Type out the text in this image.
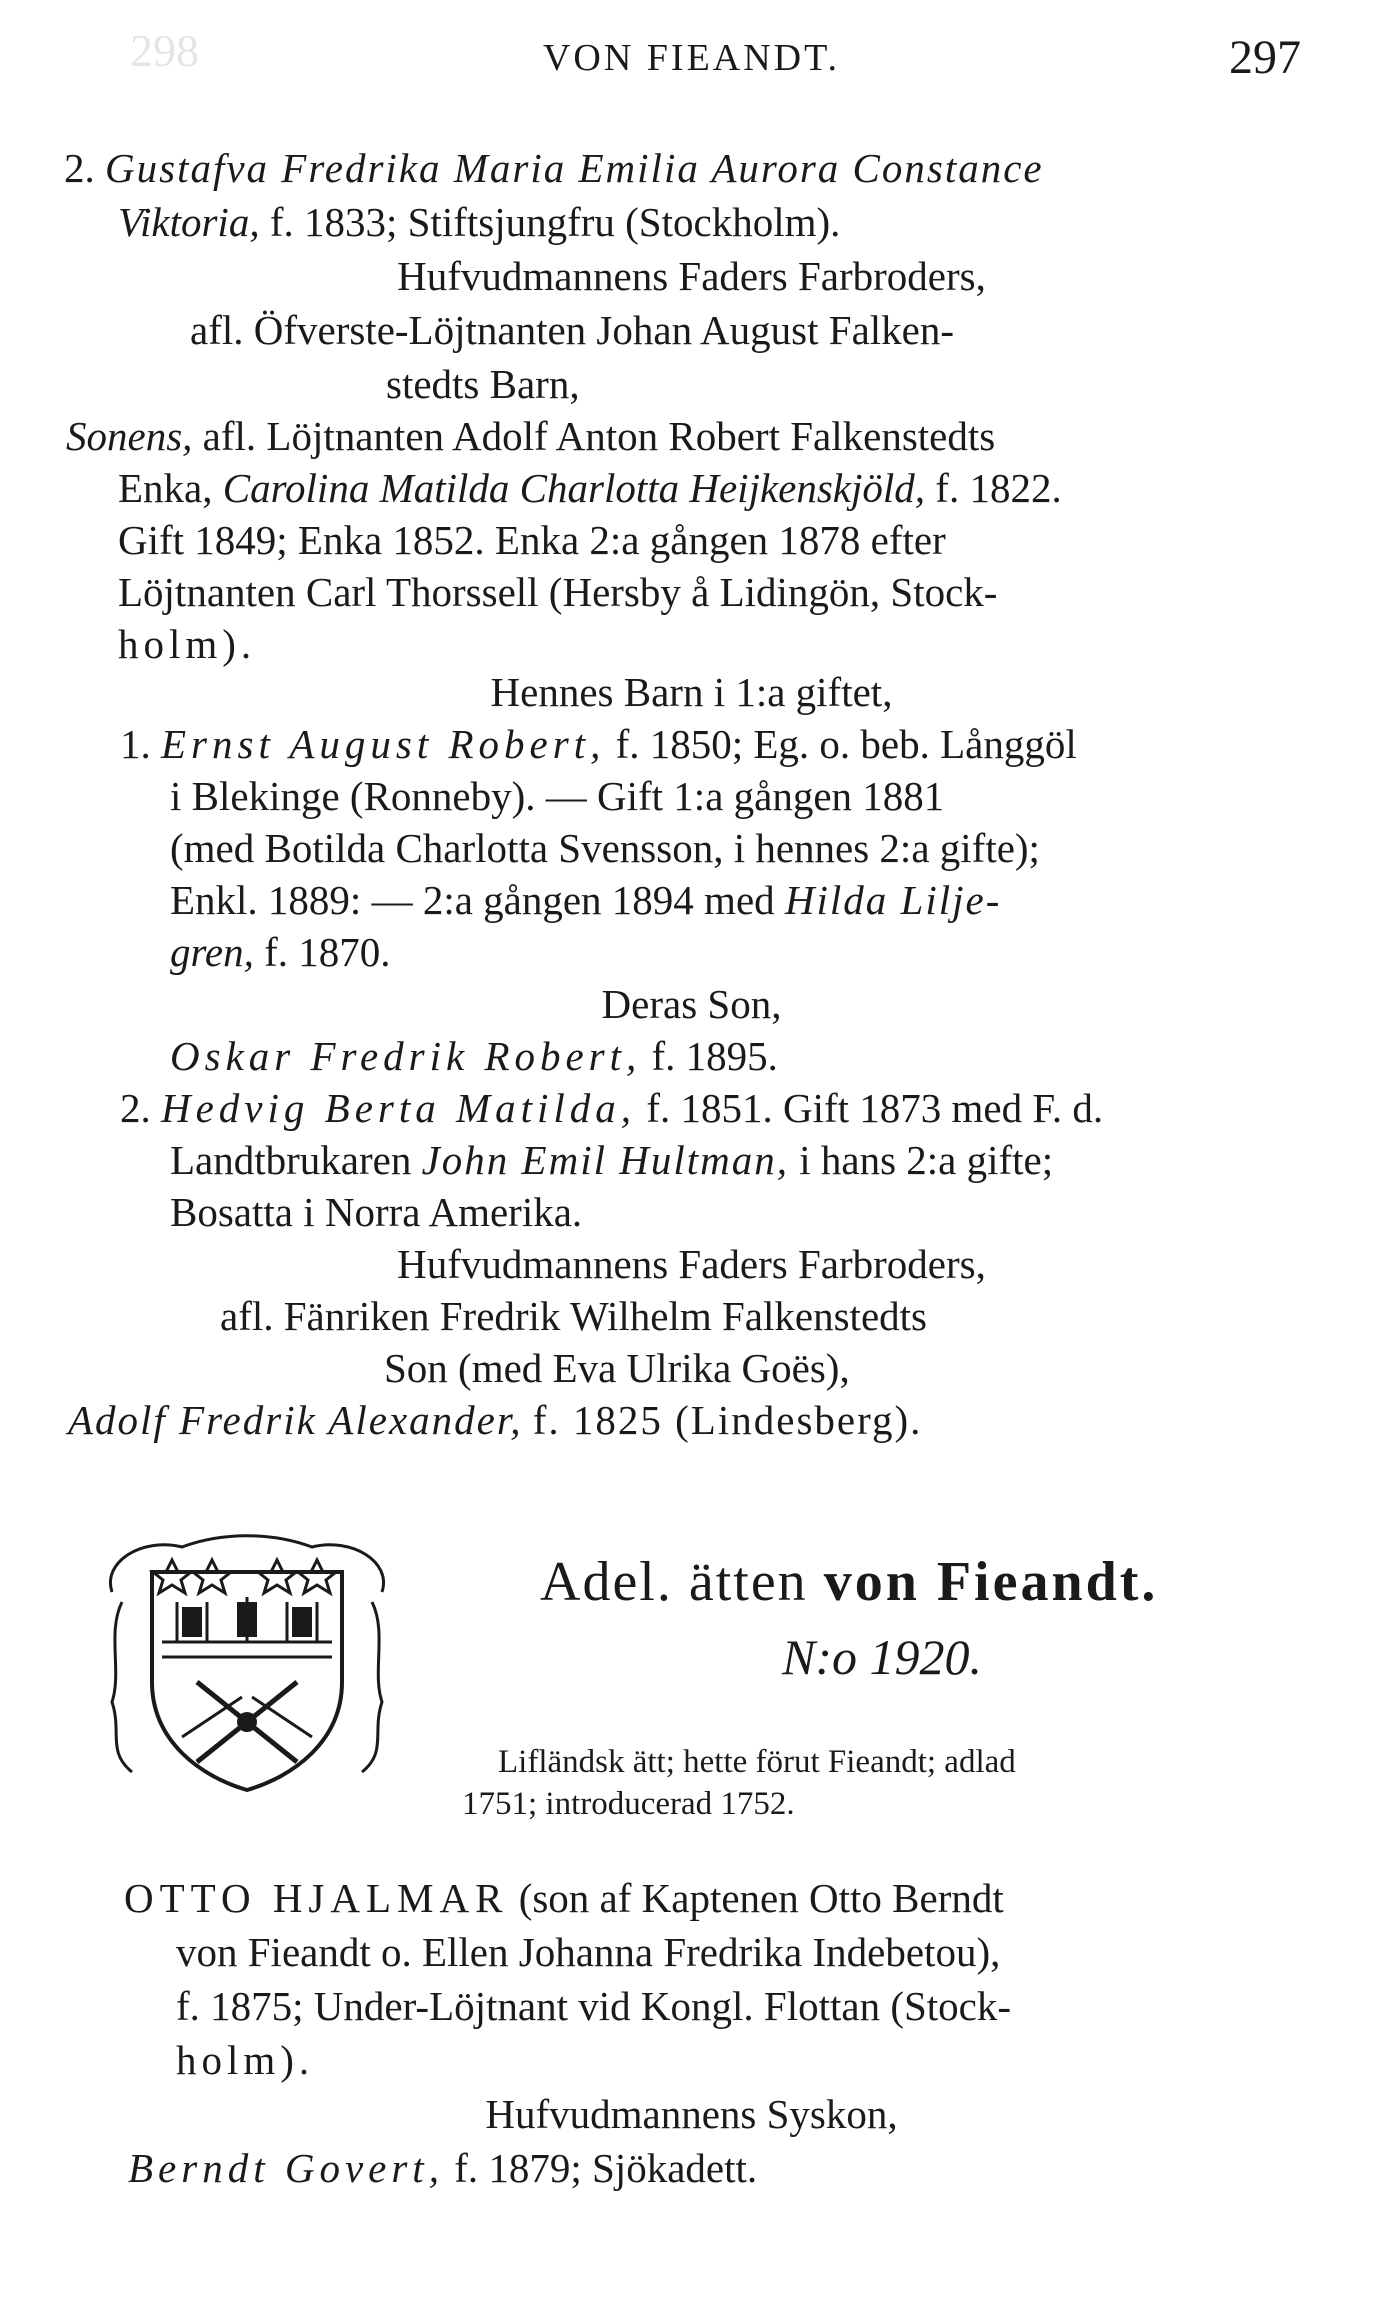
298	VON FIEANDT.	297
2. Gustafva Fredrika Maria Emilia Aurora Constance
Viktoria, f. 1833; Stiftsjungfru (Stockholm).
Hufvudmannens Faders Farbroders,
afl. Öfverste-Löjtnanten Johan August Falken-
stedts Barn,
Sonens, afl. Löjtnanten Adolf Anton Robert Falkenstedts
Enka, Carolina Matilda Charlotta Heijkenskjöld, f. 1822.
Gift 1849; Enka 1852. Enka 2:a gången 1878 efter
Löjtnanten Carl Thorssell (Hersby å Lidingön, Stock-
holm).
Hennes Barn i 1:a giftet,
1. Ernst August Robert, f. 1850; Eg. o. beb. Långgöl
i Blekinge (Ronneby). — Gift 1:a gången 1881
(med Botilda Charlotta Svensson, i hennes 2:a gifte);
Enkl. 1889: — 2:a gången 1894 med Hilda Lilje-
gren, f. 1870.
Deras Son,
Oskar Fredrik Robert, f. 1895.
2. Hedvig Berta Matilda, f. 1851. Gift 1873 med F. d.
Landtbrukaren John Emil Hultman, i hans 2:a gifte;
Bosatta i Norra Amerika.
Hufvudmannens Faders Farbroders,
afl. Fänriken Fredrik Wilhelm Falkenstedts
Son (med Eva Ulrika Goës),
Adolf Fredrik Alexander, f. 1825 (Lindesberg).
Adel. ätten von Fieandt.
N:o 1920.
Lifländsk ätt; hette förut Fieandt; adlad
1751; introducerad 1752.
OTTO HJALMAR (son af Kaptenen Otto Berndt
von Fieandt o. Ellen Johanna Fredrika Indebetou),
f. 1875; Under-Löjtnant vid Kongl. Flottan (Stock-
holm).
Hufvudmannens Syskon,
Berndt Govert, f. 1879; Sjökadett.
